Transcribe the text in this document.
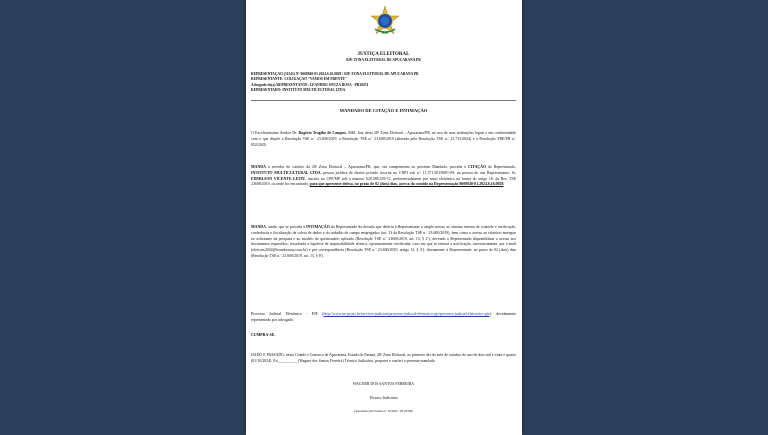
JUSTIÇA ELEITORAL
028ª ZONA ELEITORAL DE APUCARANA PR
REPRESENTAÇÃO (11541) Nº 0600840-81.2024.6.16.0028 / 028ª ZONA ELEITORAL DE APUCARANA PR
REPRESENTANTE: COLIGAÇÃO "VAMOS EM FRENTE"
Advogado do(a) REPRESENTANTE: LEANDRO SOUZA ROSA - PR30474
REPRESENTADO: INSTITUTO MULTICULTURAL LTDA
MANDADO DE CITAÇÃO E INTIMAÇÃO
O Excelentíssimo Senhor Dr. Rogério Tragibo de Campos, MM. Juiz desta 28ª Zona Eleitoral – Apucarana/PR, no uso de suas atribuições legais e em conformidade com o que dispõe a Resolução TSE n.º 23.608/2019, a Resolução TSE n.º 23.608/2019 (alterada pela Resolução TSE n.º 23.733/2024) e a Resolução TRE/PR n.º 852/2020,
MANDA a servidor do cartório da 28ª Zona Eleitoral – Apucarana/PR, que, em cumprimento ao presente Mandado, proceda à CITAÇÃO do Representado, INSTITUTO MULTICULTURAL LTDA, pessoa jurídica de direito privado inscrita no CNPJ sob n.º 11.371.501/0001-09, na pessoa do seu Representante, Sr. EDMILSON VICENTE LEITE, inscrito no CPF/MF sob o número 620.588.359-72, preferencialmente por meio eletrônico na forma do artigo 18, da Res. TSE 23608/2019, ou onde for encontrado, para que apresente defesa, no prazo de 02 (dois) dias, acerca do contido na Representação 0600840-81.2024.6.16.0028.
MANDA, ainda, que se proceda à INTIMAÇÃO do Representado da decisão que deferiu à Representante o amplo acesso ao sistema interno de controle e verificação, conferência e fiscalização da coleta de dados e do trabalho de campo empregados (art. 13 da Resolução TSE n.º 23.600/2019), bem como o acesso ao relatório entregue ao solicitante da pesquisa e ao modelo do questionário aplicado (Resolução TSE n.º 23600/2019, art. 13, § 2º), devendo o Representado disponibilizar o acesso aos documentos requeridos, ressalvada a hipótese de impossibilidade técnica, oportunamente certificada, caso em que se tentará a notificação, sucessivamente, por e-mail (eleicoes2024@leandrorosa.com.br) e por correspondência (Resolução TSE n.º 23.600/2019, artigo 13, § 4º), diretamente à Representante, no prazo de 02 (dois) dias (Resolução TSE n.º 23.600/2019, art. 13, § 8º).
Processo Judicial Eletrônico - PJE (http://www.tre-pr.jus.br/servicos-judiciais/processo-judicial-eletronico-pje/processo-judicial-eletronico-pje), devidamente representado por advogado.
CUMPRA-SE.
DADO E PASSADO, nesta Cidade e Comarca de Apucarana, Estado do Paraná, 28ª Zona Eleitoral, ao primeiro dia do mês de outubro do ano de dois mil e vinte e quatro (01/10/2024). Eu__________ (Wagner dos Santos Ferreira) Técnico Judiciário, preparei e conferi o presente mandado.
WAGNER DOS SANTOS FERREIRA
Técnico Judiciário
(Autorizado pela Portaria n.º 02/2024 - 28ª ZE/PR)
